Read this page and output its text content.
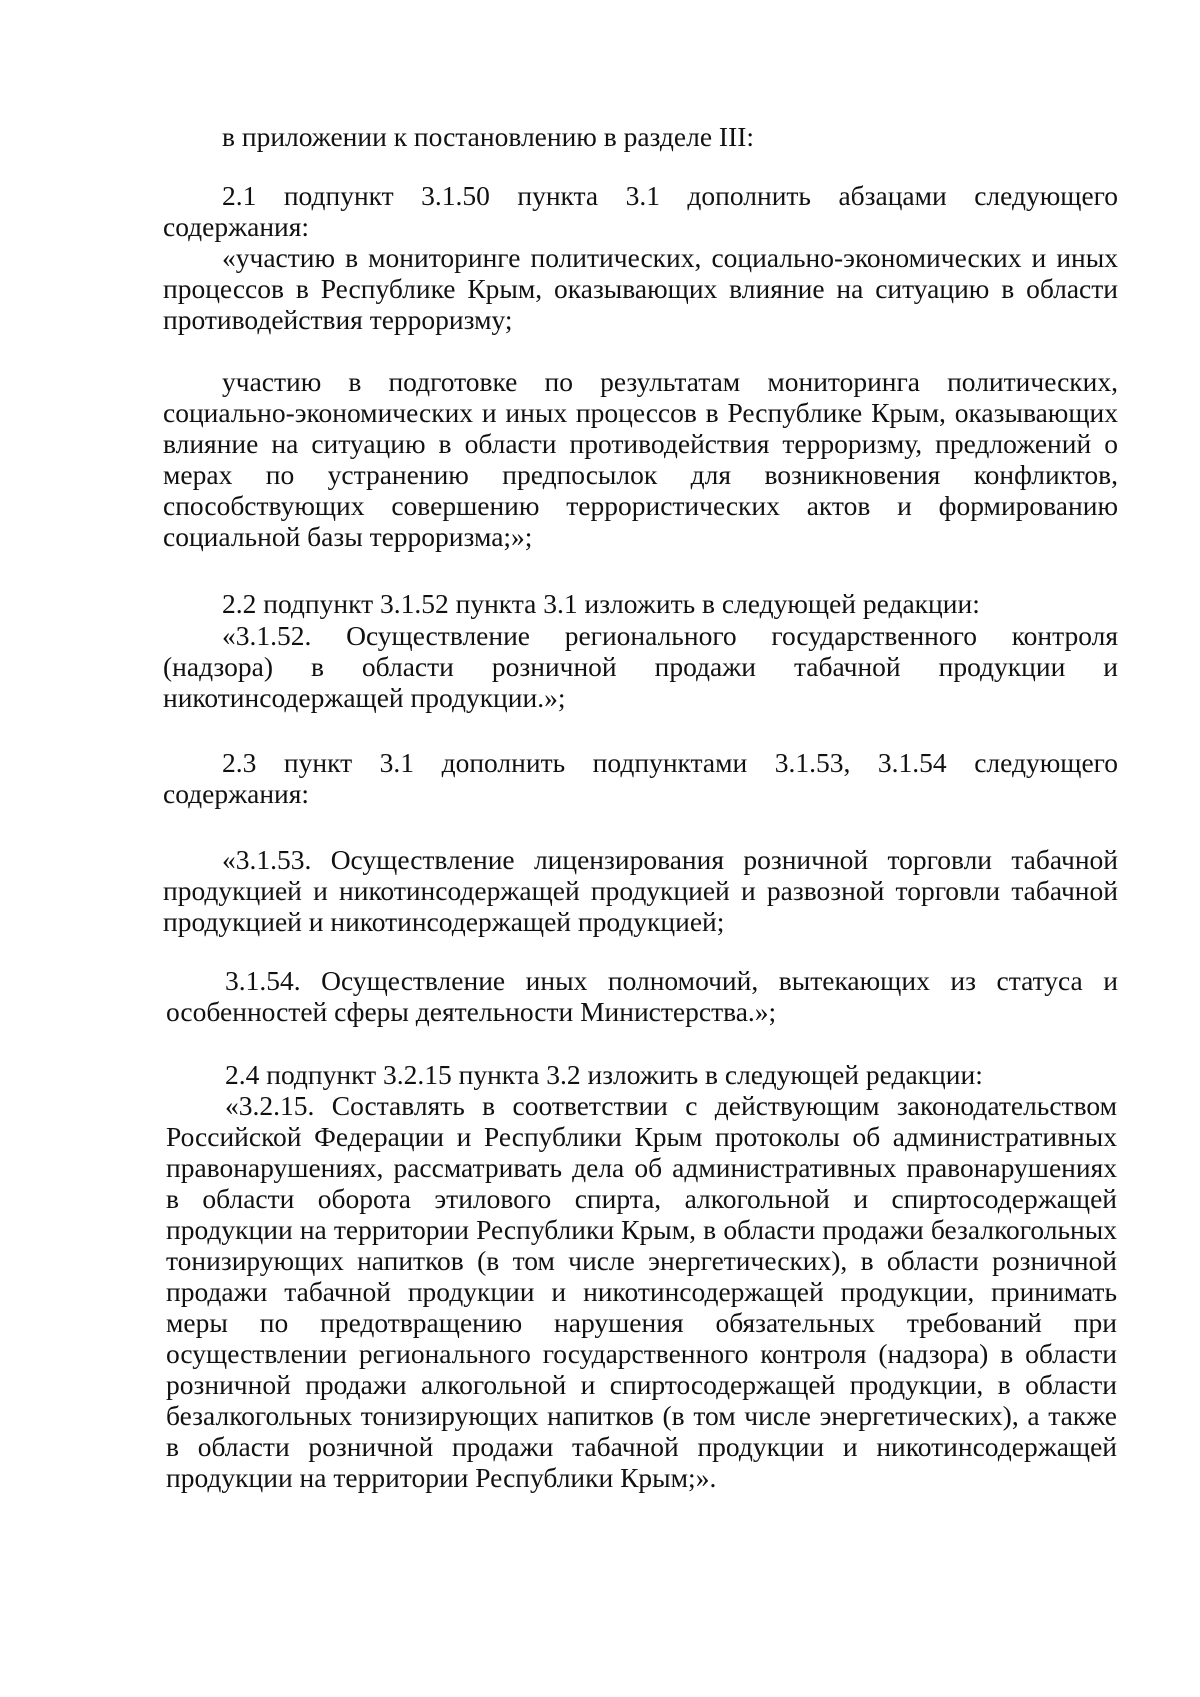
в приложении к постановлению в разделе III:

2.1 подпункт 3.1.50 пункта 3.1 дополнить абзацами следующего содержания:

«участию в мониторинге политических, социально-экономических и иных процессов в Республике Крым, оказывающих влияние на ситуацию в области противодействия терроризму;

участию в подготовке по результатам мониторинга политических, социально-экономических и иных процессов в Республике Крым, оказывающих влияние на ситуацию в области противодействия терроризму, предложений о мерах по устранению предпосылок для возникновения конфликтов, способствующих совершению террористических актов и формированию социальной базы терроризма;»;

2.2 подпункт 3.1.52 пункта 3.1 изложить в следующей редакции:

«3.1.52. Осуществление регионального государственного контроля (надзора) в области розничной продажи табачной продукции и никотинсодержащей продукции.»;

2.3 пункт 3.1 дополнить подпунктами 3.1.53, 3.1.54 следующего содержания:

«3.1.53. Осуществление лицензирования розничной торговли табачной продукцией и никотинсодержащей продукцией и развозной торговли табачной продукцией и никотинсодержащей продукцией;

3.1.54. Осуществление иных полномочий, вытекающих из статуса и особенностей сферы деятельности Министерства.»;

2.4 подпункт 3.2.15 пункта 3.2 изложить в следующей редакции:

«3.2.15. Составлять в соответствии с действующим законодательством Российской Федерации и Республики Крым протоколы об административных правонарушениях, рассматривать дела об административных правонарушениях в области оборота этилового спирта, алкогольной и спиртосодержащей продукции на территории Республики Крым, в области продажи безалкогольных тонизирующих напитков (в том числе энергетических), в области розничной продажи табачной продукции и никотинсодержащей продукции, принимать меры по предотвращению нарушения обязательных требований при осуществлении регионального государственного контроля (надзора) в области розничной продажи алкогольной и спиртосодержащей продукции, в области безалкогольных тонизирующих напитков (в том числе энергетических), а также в области розничной продажи табачной продукции и никотинсодержащей продукции на территории Республики Крым;».
